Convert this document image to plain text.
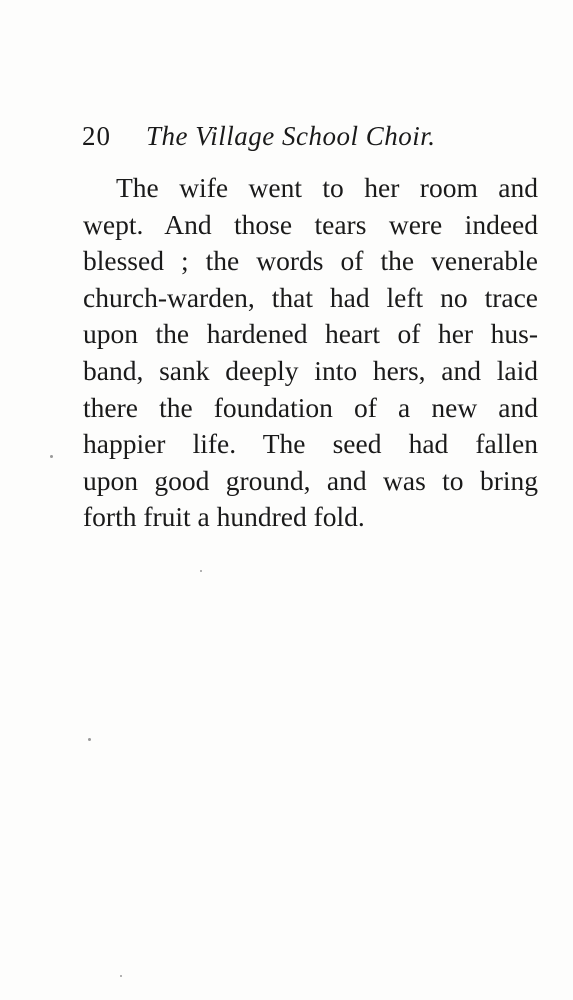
20 The Village School Choir.
The wife went to her room and
wept. And those tears were indeed
blessed ; the words of the venerable
church-warden, that had left no trace
upon the hardened heart of her hus-
band, sank deeply into hers, and laid
there the foundation of a new and
happier life. The seed had fallen
upon good ground, and was to bring
forth fruit a hundred fold.
